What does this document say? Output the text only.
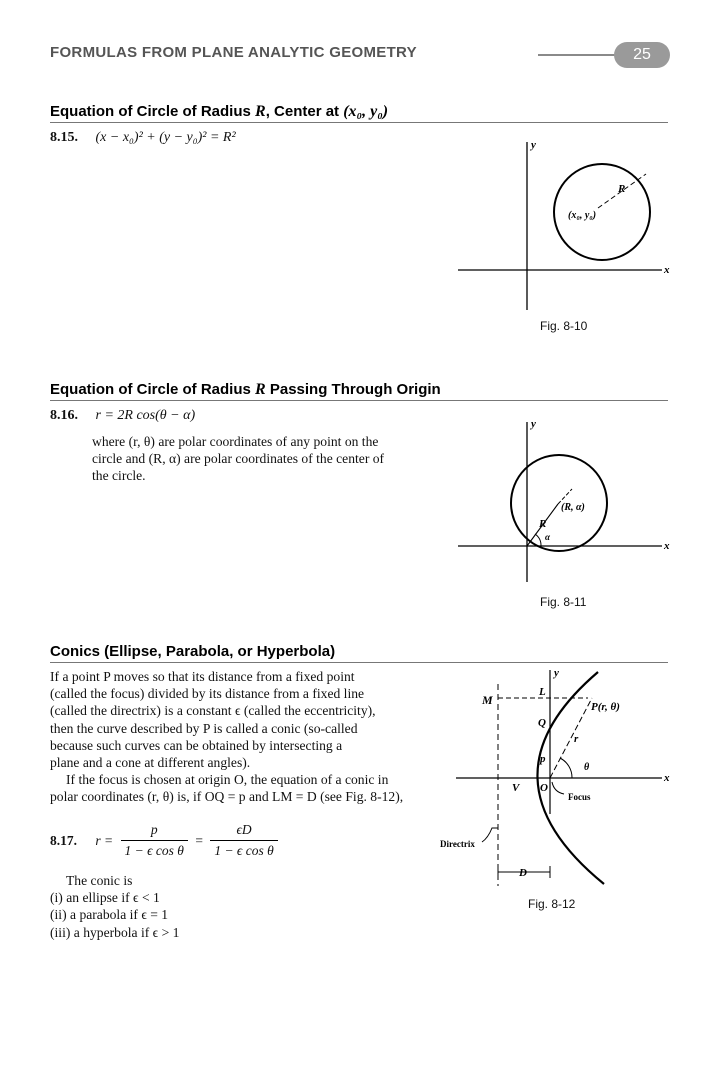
FORMULAS FROM PLANE ANALYTIC GEOMETRY	25
Equation of Circle of Radius R, Center at (x₀, y₀)
8.15. (x − x₀)² + (y − y₀)² = R²	y
x
R
(x₀, y₀)
Fig. 8-10
Equation of Circle of Radius R Passing Through Origin
8.16. r = 2R cos(θ − α)
where (r, θ) are polar coordinates of any point on the
circle and (R, α) are polar coordinates of the center of
the circle.
y
x
R
α
(R, α)
Fig. 8-11
Conics (Ellipse, Parabola, or Hyperbola)
If a point P moves so that its distance from a fixed point
(called the focus) divided by its distance from a fixed line
(called the directrix) is a constant ϵ (called the eccentricity),
then the curve described by P is called a conic (so-called
because such curves can be obtained by intersecting a
plane and a cone at different angles).
If the focus is chosen at origin O, the equation of a conic in
polar coordinates (r, θ) is, if OQ = p and LM = D (see Fig. 8-12),
8.17. $r = \frac{p}{\text{1 − ϵ cos θ}} = \frac{\epsilon D}{\text{1 − ϵ cos θ}}$
The conic is
(i) an ellipse if ϵ < 1
(ii) a parabola if ϵ = 1
(iii) a hyperbola if ϵ > 1
y
x
M
L
P(r, θ)
Q
r
p
θ
V O
Focus
Directrix
D
Fig. 8-12
